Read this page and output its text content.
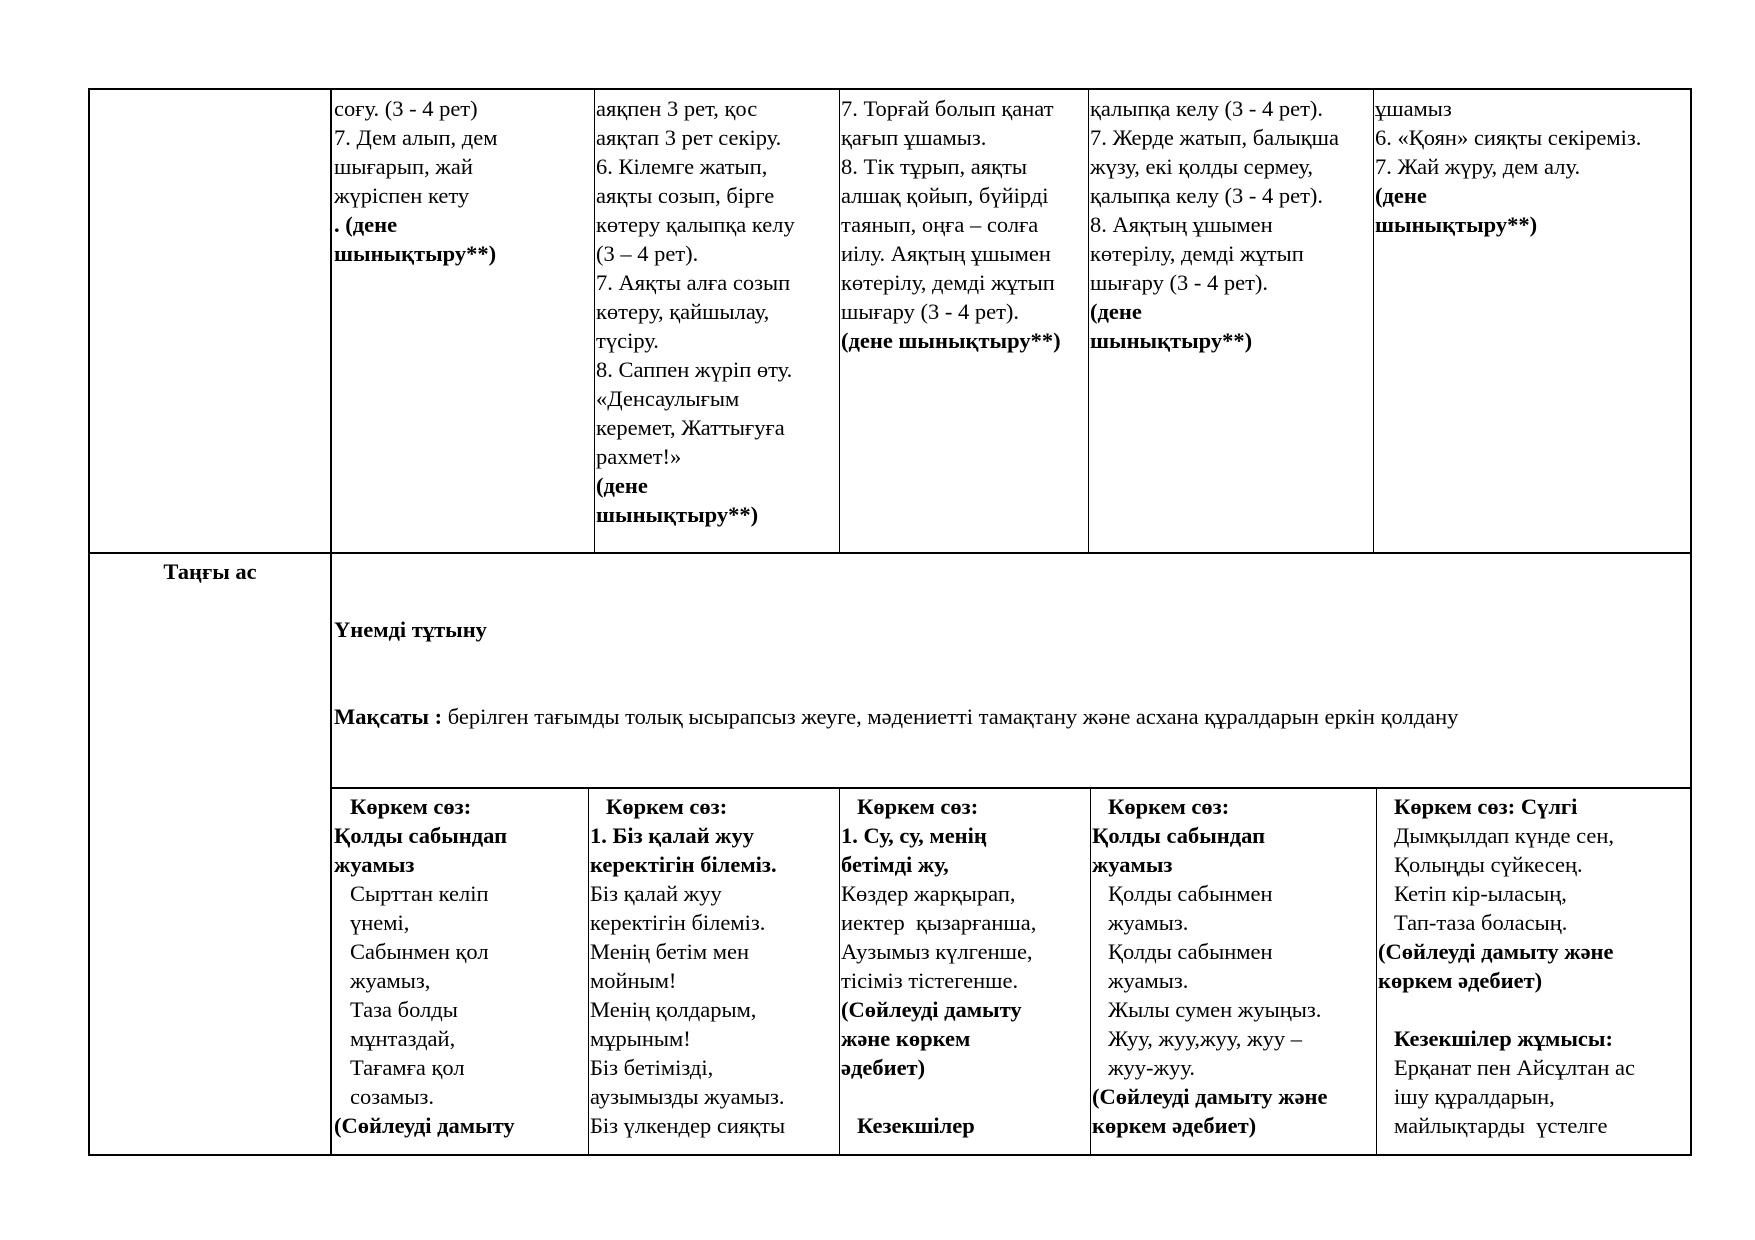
соғу. (3 - 4 рет)

7. Дем алып, дем

шығарып, жай

жүріспен кету

. (дене

шынықтыру**)

аяқпен 3 рет, қос

аяқтап 3 рет секіру.

6. Кілемге жатып,

аяқты созып, бірге

көтеру қалыпқа келу

(3 – 4 рет).

7. Аяқты алға созып

көтеру, қайшылау,

түсіру.

8. Саппен жүріп өту.

«Денсаулығым

керемет, Жаттығуға

рахмет!»

(дене

шынықтыру**)

7. Торғай болып қанат

қағып ұшамыз.

8. Тік тұрып, аяқты

алшақ қойып, бүйірді

таянып, оңға – солға

иілу. Аяқтың ұшымен

көтерілу, демді жұтып

шығару (3 - 4 рет).

(дене шынықтыру**)

қалыпқа келу (3 - 4 рет).

7. Жерде жатып, балықша

жүзу, екі қолды сермеу,

қалыпқа келу (3 - 4 рет).

8. Аяқтың ұшымен

көтерілу, демді жұтып

шығару (3 - 4 рет).

(дене

шынықтыру**)

ұшамыз

6. «Қоян» сияқты секіреміз.

7. Жай жүру, дем алу.

(дене

шынықтыру**)

Таңғы ас

Үнемді тұтыну

Мақсаты : берілген тағымды толық ысырапсыз жеуге, мәдениетті тамақтану және асхана құралдарын еркін қолдану

Көркем сөз:

Қолды сабындап

жуамыз

Сырттан келіп

үнемі,

Сабынмен қол

жуамыз,

Таза болды

мұнтаздай,

Тағамға қол

созамыз.

(Сөйлеуді дамыту

Көркем сөз:

1. Біз қалай жуу

керектігін білеміз.

Біз қалай жуу

керектігін білеміз.

Менің бетім мен

мойным!

Менің қолдарым,

мұрыным!

Біз бетімізді,

аузымызды жуамыз.

Біз үлкендер сияқты

Көркем сөз:

1. Су, су, менің

бетімді жу,

Көздер жарқырап,

иектер  қызарғанша,

Аузымыз күлгенше,

тісіміз тістегенше.

(Сөйлеуді дамыту

және көркем

әдебиет)

Кезекшілер

Көркем сөз:

Қолды сабындап

жуамыз

Қолды сабынмен

жуамыз.

Қолды сабынмен

жуамыз.

Жылы сумен жуыңыз.

Жуу, жуу,жуу, жуу –

жуу-жуу.

(Сөйлеуді дамыту және

көркем әдебиет)

Көркем сөз: Сүлгі

Дымқылдап күнде сен,

Қолыңды сүйкесең.

Кетіп кір-ыласың,

Тап-таза боласың.

(Сөйлеуді дамыту және

көркем әдебиет)

Кезекшілер жұмысы:

Ерқанат пен Айсұлтан ас

ішу құралдарын,

майлықтарды  үстелге
